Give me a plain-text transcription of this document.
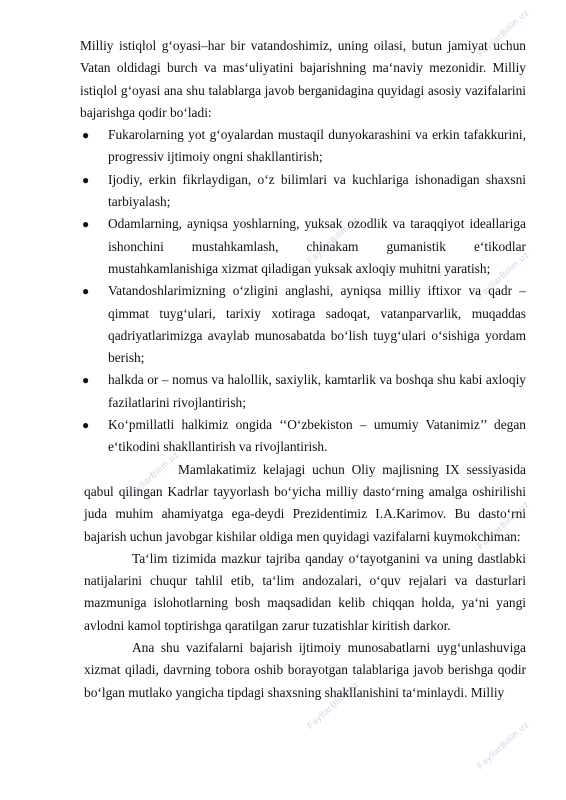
FayllarBilim.uz
FayllarBilim.uz
FayllarBilim.uz
FayllarBilim.uz
FayllarBilim.uz
FayllarBilim.uz
FayllarBilim.uz

Milliy istiqlol g‘oyasi–har bir vatandoshimiz, uning oilasi, butun jamiyat uchun Vatan oldidagi burch va mas‘uliyatini bajarishning ma‘naviy mezonidir. Milliy istiqlol g‘oyasi ana shu talablarga javob berganidagina quyidagi asosiy vazifalarini bajarishga qodir bo‘ladi:

● Fukarolarning yot g‘oyalardan mustaqil dunyokarashini va erkin tafakkurini, progressiv ijtimoiy ongni shakllantirish;
● Ijodiy, erkin fikrlaydigan, o‘z bilimlari va kuchlariga ishonadigan shaxsni tarbiyalash;
● Odamlarning, ayniqsa yoshlarning, yuksak ozodlik va taraqqiyot ideallariga ishonchini mustahkamlash, chinakam gumanistik e‘tikodlar mustahkamlanishiga xizmat qiladigan yuksak axloqiy muhitni yaratish;
● Vatandoshlarimizning o‘zligini anglashi, ayniqsa milliy iftixor va qadr – qimmat tuyg‘ulari, tarixiy xotiraga sadoqat, vatanparvarlik, muqaddas qadriyatlarimizga avaylab munosabatda bo‘lish tuyg‘ulari o‘sishiga yordam berish;
● halkda or – nomus va halollik, saxiylik, kamtarlik va boshqa shu kabi axloqiy fazilatlarini rivojlantirish;
● Ko‘pmillatli halkimiz ongida ‘‘O‘zbekiston – umumiy Vatanimiz’’ degan e‘tikodini shakllantirish va rivojlantirish.

Mamlakatimiz kelajagi uchun Oliy majlisning IX sessiyasida qabul qilingan Kadrlar tayyorlash bo‘yicha milliy dasto‘rning amalga oshirilishi juda muhim ahamiyatga ega-deydi Prezidentimiz I.A.Karimov. Bu dasto‘rni bajarish uchun javobgar kishilar oldiga men quyidagi vazifalarni kuymokchiman:

Ta‘lim tizimida mazkur tajriba qanday o‘tayotganini va uning dastlabki natijalarini chuqur tahlil etib, ta‘lim andozalari, o‘quv rejalari va dasturlari mazmuniga islohotlarning bosh maqsadidan kelib chiqqan holda, ya‘ni yangi avlodni kamol toptirishga qaratilgan zarur tuzatishlar kiritish darkor.

Ana shu vazifalarni bajarish ijtimoiy munosabatlarni uyg‘unlashuviga xizmat qiladi, davrning tobora oshib borayotgan talablariga javob berishga qodir bo‘lgan mutlako yangicha tipdagi shaxsning shakllanishini ta‘minlaydi. Milliy
